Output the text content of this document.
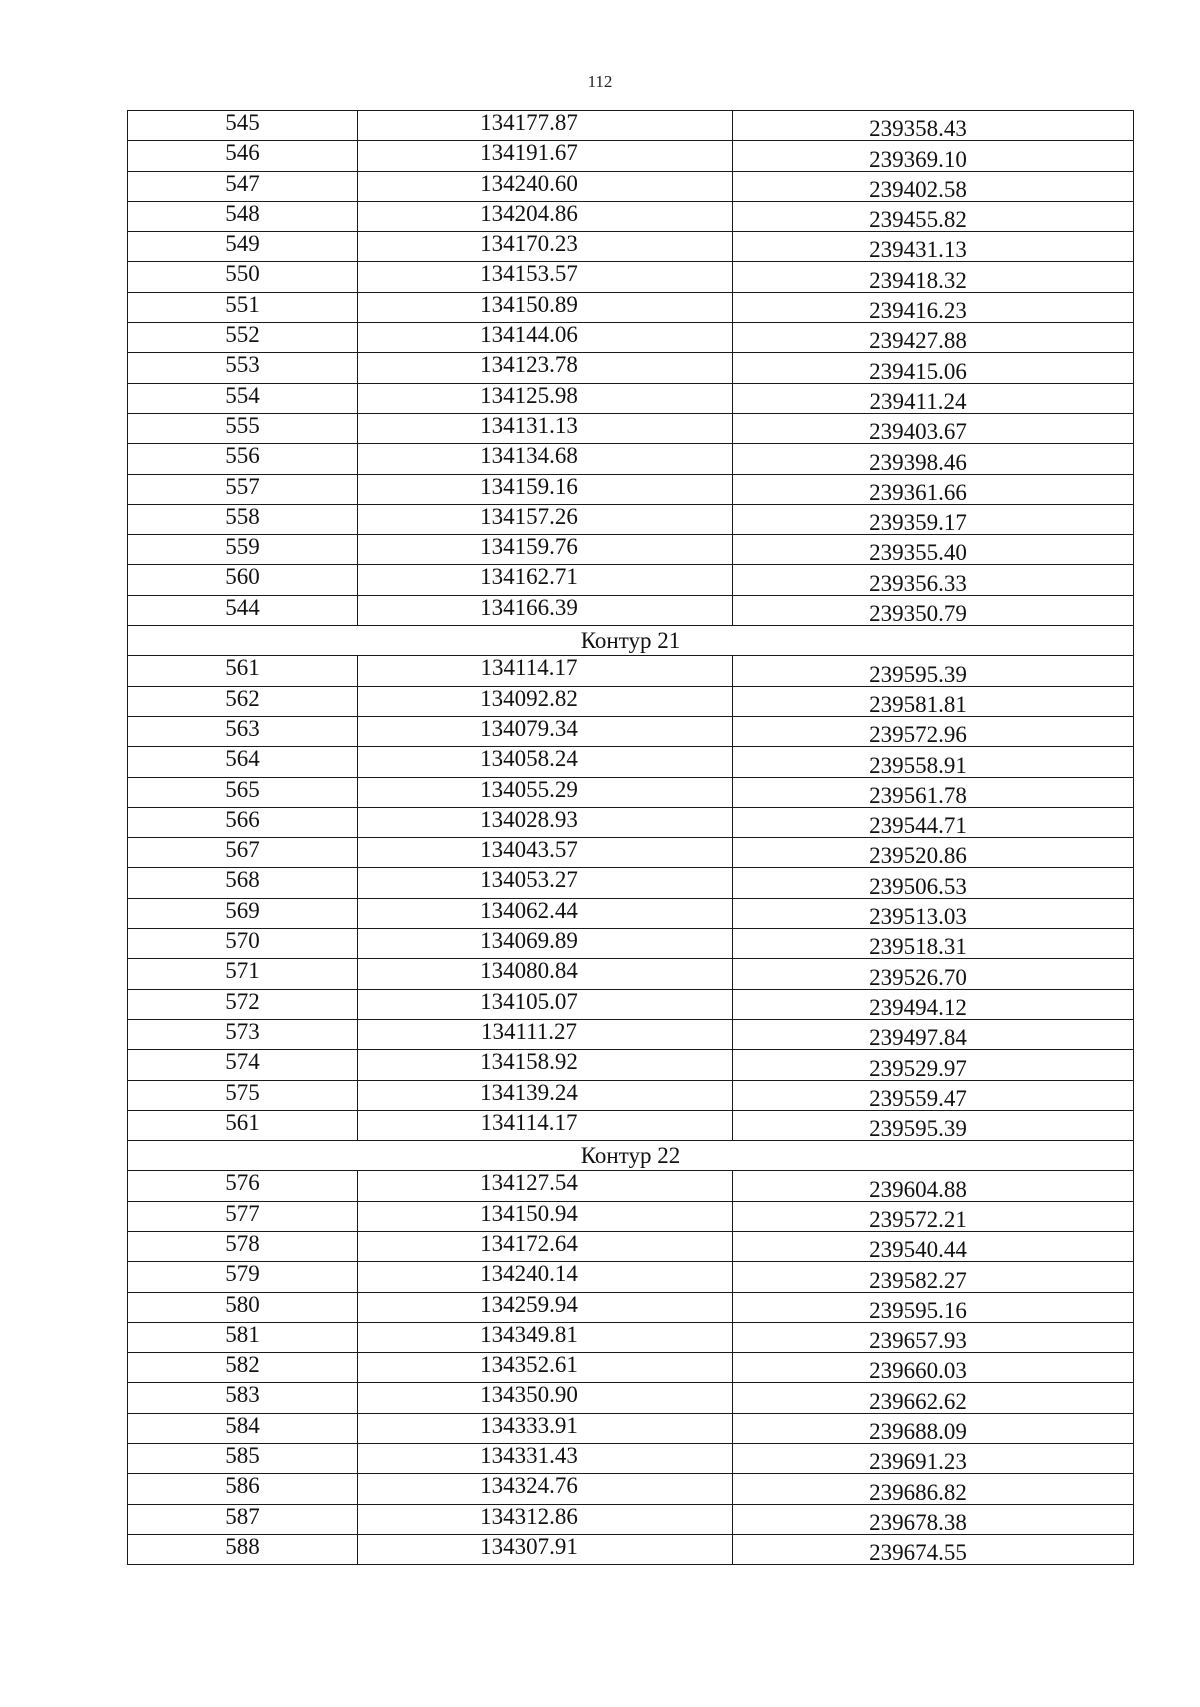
112
545	134177.87	239358.43
546	134191.67	239369.10
547	134240.60	239402.58
548	134204.86	239455.82
549	134170.23	239431.13
550	134153.57	239418.32
551	134150.89	239416.23
552	134144.06	239427.88
553	134123.78	239415.06
554	134125.98	239411.24
555	134131.13	239403.67
556	134134.68	239398.46
557	134159.16	239361.66
558	134157.26	239359.17
559	134159.76	239355.40
560	134162.71	239356.33
544	134166.39	239350.79
Контур 21		
561	134114.17	239595.39
562	134092.82	239581.81
563	134079.34	239572.96
564	134058.24	239558.91
565	134055.29	239561.78
566	134028.93	239544.71
567	134043.57	239520.86
568	134053.27	239506.53
569	134062.44	239513.03
570	134069.89	239518.31
571	134080.84	239526.70
572	134105.07	239494.12
573	134111.27	239497.84
574	134158.92	239529.97
575	134139.24	239559.47
561	134114.17	239595.39
Контур 22		
576	134127.54	239604.88
577	134150.94	239572.21
578	134172.64	239540.44
579	134240.14	239582.27
580	134259.94	239595.16
581	134349.81	239657.93
582	134352.61	239660.03
583	134350.90	239662.62
584	134333.91	239688.09
585	134331.43	239691.23
586	134324.76	239686.82
587	134312.86	239678.38
588	134307.91	239674.55
